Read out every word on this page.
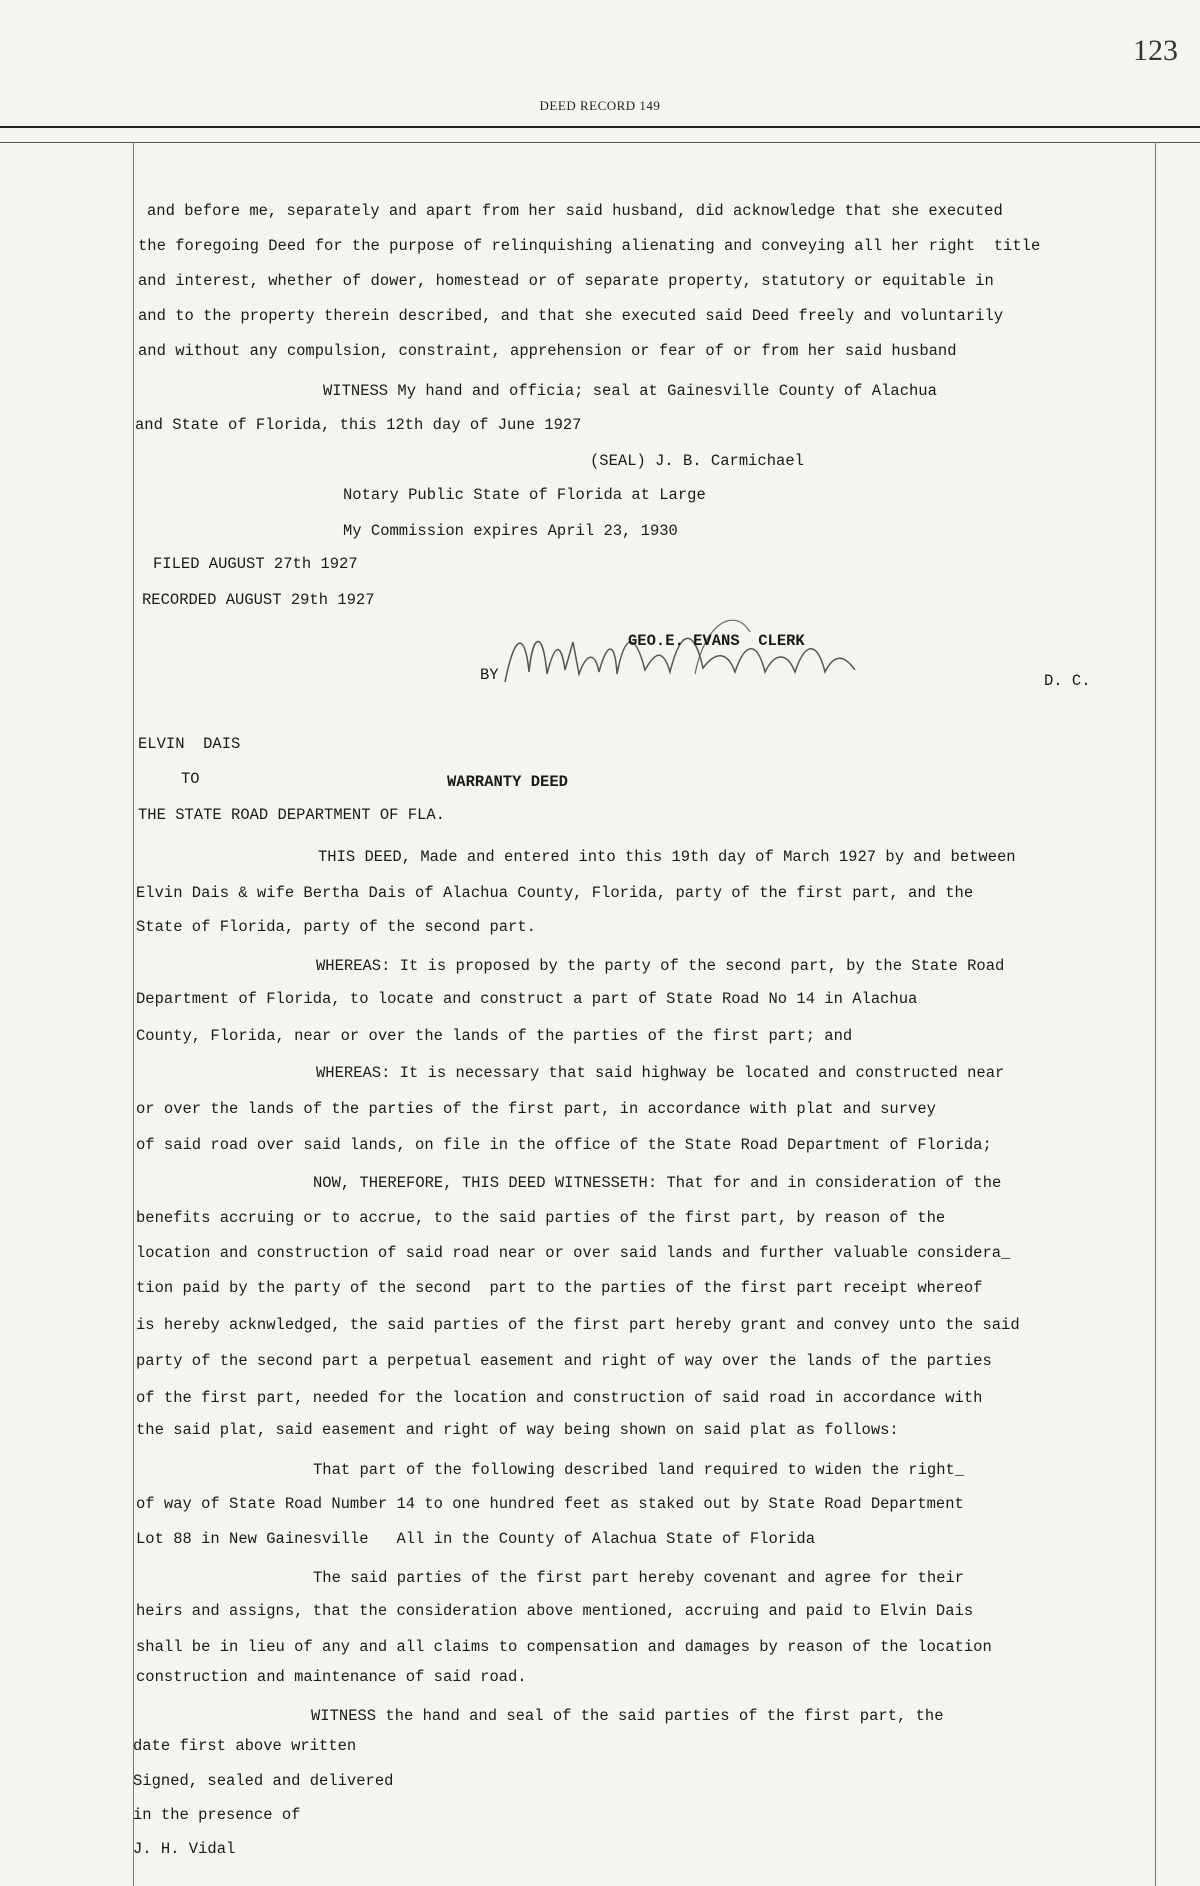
123
DEED RECORD 149
and before me, separately and apart from her said husband, did acknowledge that she executed
the foregoing Deed for the purpose of relinquishing alienating and conveying all her right  title
and interest, whether of dower, homestead or of separate property, statutory or equitable in
and to the property therein described, and that she executed said Deed freely and voluntarily
and without any compulsion, constraint, apprehension or fear of or from her said husband
WITNESS My hand and officia; seal at Gainesville County of Alachua
and State of Florida, this 12th day of June 1927
(SEAL) J. B. Carmichael
Notary Public State of Florida at Large
My Commission expires April 23, 1930
FILED AUGUST 27th 1927
RECORDED AUGUST 29th 1927
BY
GEO.E. EVANS  CLERK
D. C.
ELVIN  DAIS
TO	WARRANTY DEED
THE STATE ROAD DEPARTMENT OF FLA.
THIS DEED, Made and entered into this 19th day of March 1927 by and between
Elvin Dais & wife Bertha Dais of Alachua County, Florida, party of the first part, and the
State of Florida, party of the second part.
WHEREAS: It is proposed by the party of the second part, by the State Road
Department of Florida, to locate and construct a part of State Road No 14 in Alachua
County, Florida, near or over the lands of the parties of the first part; and
WHEREAS: It is necessary that said highway be located and constructed near
or over the lands of the parties of the first part, in accordance with plat and survey
of said road over said lands, on file in the office of the State Road Department of Florida;
NOW, THEREFORE, THIS DEED WITNESSETH: That for and in consideration of the
benefits accruing or to accrue, to the said parties of the first part, by reason of the
location and construction of said road near or over said lands and further valuable considera_
tion paid by the party of the second  part to the parties of the first part receipt whereof
is hereby acknwledged, the said parties of the first part hereby grant and convey unto the said
party of the second part a perpetual easement and right of way over the lands of the parties
of the first part, needed for the location and construction of said road in accordance with
the said plat, said easement and right of way being shown on said plat as follows:
That part of the following described land required to widen the right_
of way of State Road Number 14 to one hundred feet as staked out by State Road Department
Lot 88 in New Gainesville   All in the County of Alachua State of Florida
The said parties of the first part hereby covenant and agree for their
heirs and assigns, that the consideration above mentioned, accruing and paid to Elvin Dais
shall be in lieu of any and all claims to compensation and damages by reason of the location
construction and maintenance of said road.
WITNESS the hand and seal of the said parties of the first part, the
date first above written
Signed, sealed and delivered
in the presence of
J. H. Vidal
